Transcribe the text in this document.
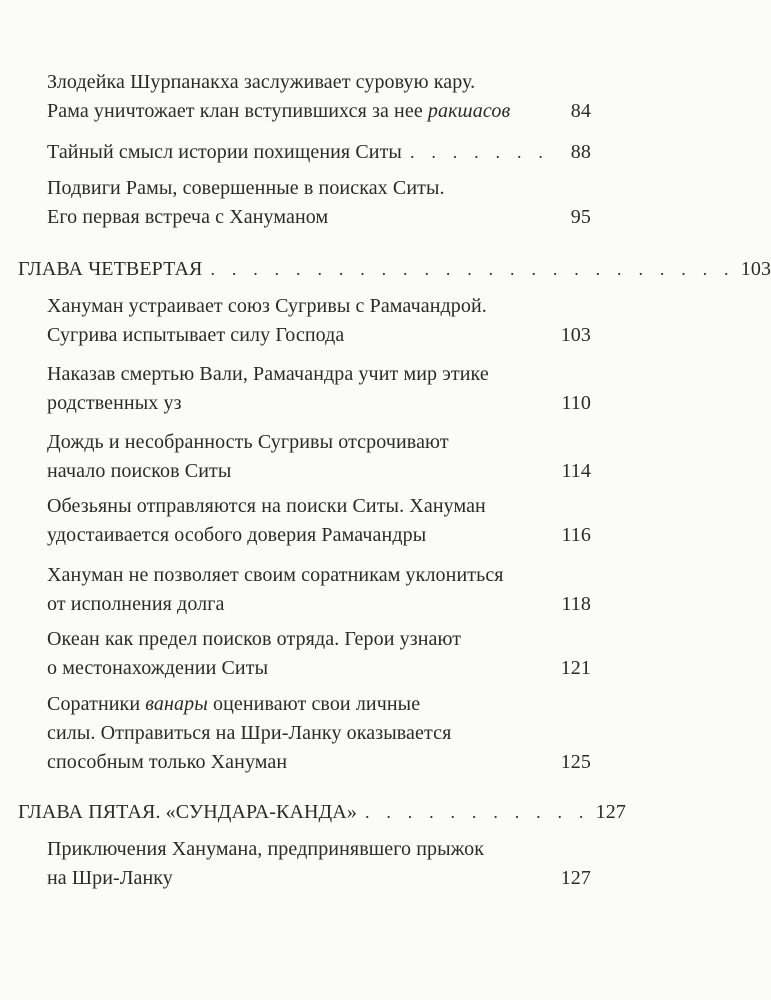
Злодейка Шурпанакха заслуживает суровую кару.
Рама уничтожает клан вступившихся за нее ракшасов	84
Тайный смысл истории похищения Ситы . . . . . . .	88
Подвиги Рамы, совершенные в поисках Ситы.
Его первая встреча с Хануманом	95
ГЛАВА ЧЕТВЕРТАЯ . . . . . . . . . . . . . . . . . . . . . . . . . 103
Хануман устраивает союз Сугривы с Рамачандрой.
Сугрива испытывает силу Господа	103
Наказав смертью Вали, Рамачандра учит мир этике
родственных уз	110
Дождь и несобранность Сугривы отсрочивают
начало поисков Ситы	114
Обезьяны отправляются на поиски Ситы. Хануман
удостаивается особого доверия Рамачандры	116
Хануман не позволяет своим соратникам уклониться
от исполнения долга	118
Океан как предел поисков отряда. Герои узнают
о местонахождении Ситы	121
Соратники ванары оценивают свои личные
силы. Отправиться на Шри-Ланку оказывается
способным только Хануман	125
ГЛАВА ПЯТАЯ. «СУНДАРА-КАНДА» . . . . . . . . . . . 127
Приключения Ханумана, предпринявшего прыжок
на Шри-Ланку	127
